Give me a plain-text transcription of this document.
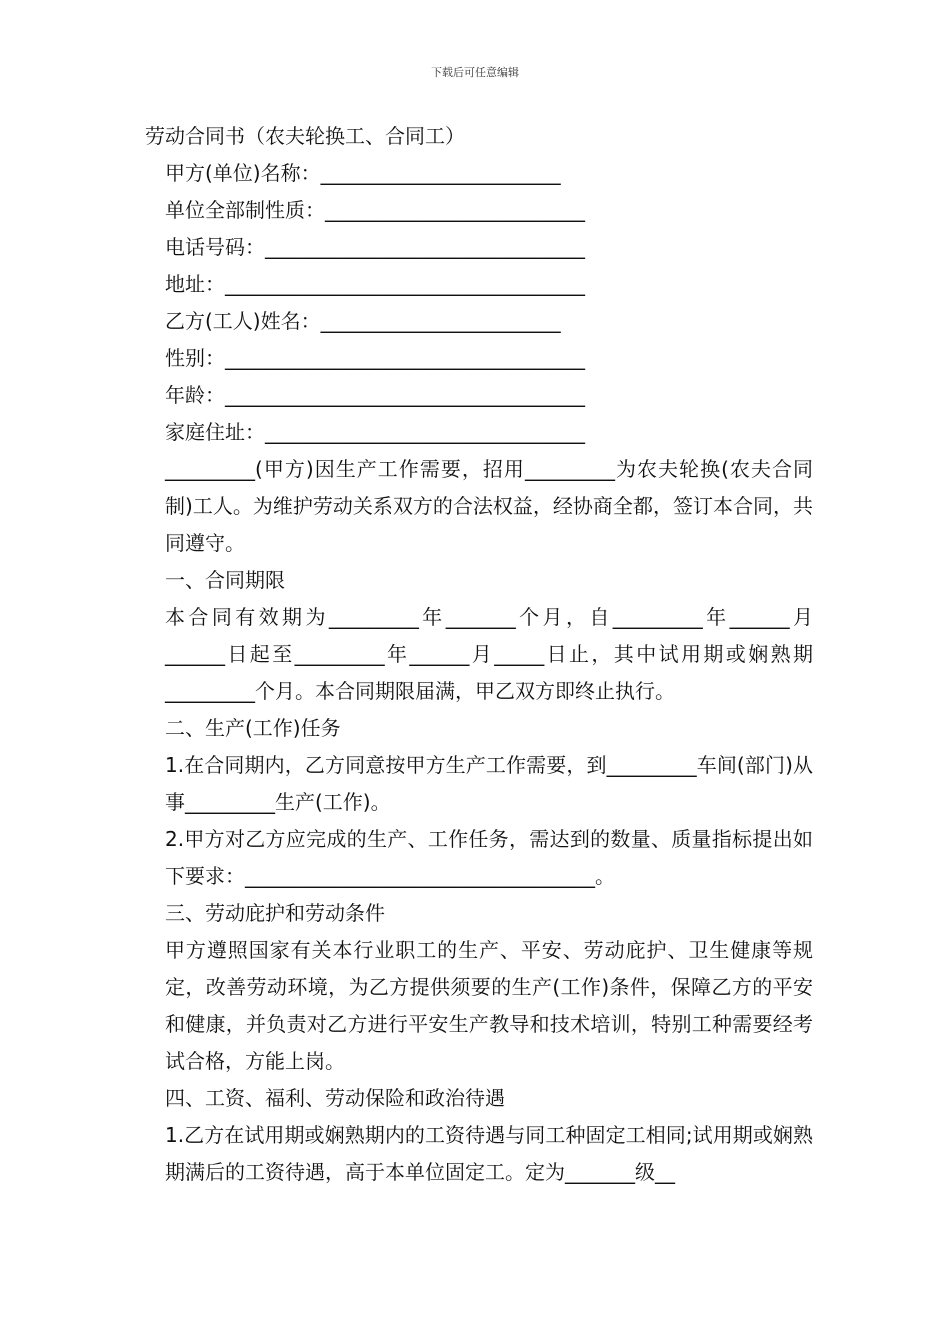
下载后可任意编辑
劳动合同书（农夫轮换工、合同工）
甲方(单位)名称：________________________
单位全部制性质：__________________________
电话号码：________________________________
地址：____________________________________
乙方(工人)姓名：________________________
性别：____________________________________
年龄：____________________________________
家庭住址：________________________________
_________(甲方)因生产工作需要，招用_________为农夫轮换(农夫合同制)工人。为维护劳动关系双方的合法权益，经协商全都，签订本合同，共同遵守。
一、合同期限
本合同有效期为_________年_______个月，自_________年______月______日起至_________年______月_____日止，其中试用期或娴熟期_________个月。本合同期限届满，甲乙双方即终止执行。
二、生产(工作)任务
1.在合同期内，乙方同意按甲方生产工作需要，到_________车间(部门)从事_________生产(工作)。
2.甲方对乙方应完成的生产、工作任务，需达到的数量、质量指标提出如下要求：___________________________________。
三、劳动庇护和劳动条件
甲方遵照国家有关本行业职工的生产、平安、劳动庇护、卫生健康等规定，改善劳动环境，为乙方提供须要的生产(工作)条件，保障乙方的平安和健康，并负责对乙方进行平安生产教导和技术培训，特别工种需要经考试合格，方能上岗。
四、工资、福利、劳动保险和政治待遇
1.乙方在试用期或娴熟期内的工资待遇与同工种固定工相同;试用期或娴熟期满后的工资待遇，高于本单位固定工。定为_______级__
